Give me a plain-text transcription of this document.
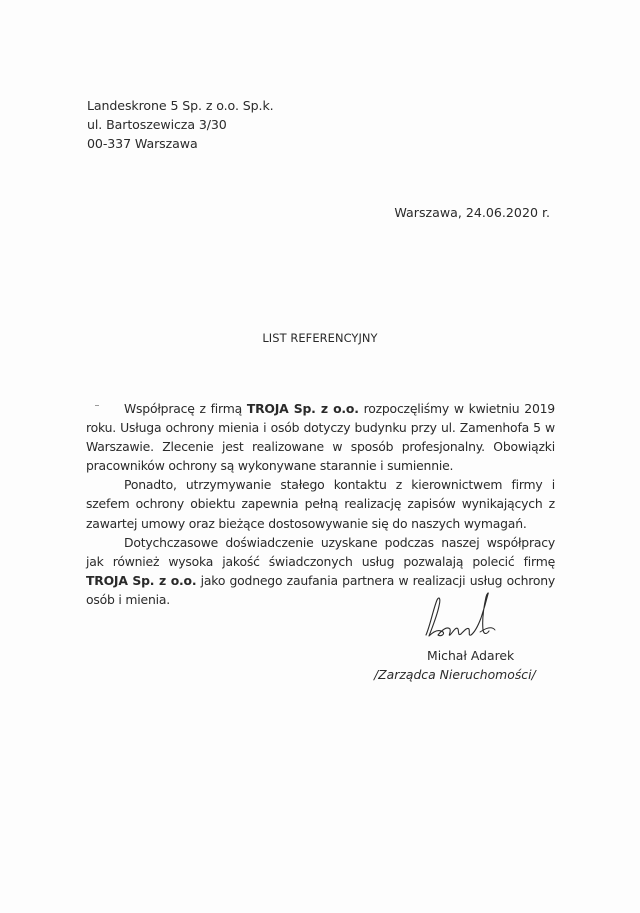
Landeskrone 5 Sp. z o.o. Sp.k.
ul. Bartoszewicza 3/30
00-337 Warszawa
Warszawa, 24.06.2020 r.
LIST REFERENCYJNY

Współpracę z firmą TROJA Sp. z o.o. rozpoczęliśmy w kwietniu 2019 roku. Usługa ochrony mienia i osób dotyczy budynku przy ul. Zamenhofa 5 w Warszawie. Zlecenie jest realizowane w sposób profesjonalny. Obowiązki pracowników ochrony są wykonywane starannie i sumiennie.

Ponadto, utrzymywanie stałego kontaktu z kierownictwem firmy i szefem ochrony obiektu zapewnia pełną realizację zapisów wynikających z zawartej umowy oraz bieżące dostosowywanie się do naszych wymagań.

Dotychczasowe doświadczenie uzyskane podczas naszej współpracy jak również wysoka jakość świadczonych usług pozwalają polecić firmę TROJA Sp. z o.o. jako godnego zaufania partnera w realizacji usług ochrony osób i mienia.

Michał Adarek
/Zarządca Nieruchomości/
